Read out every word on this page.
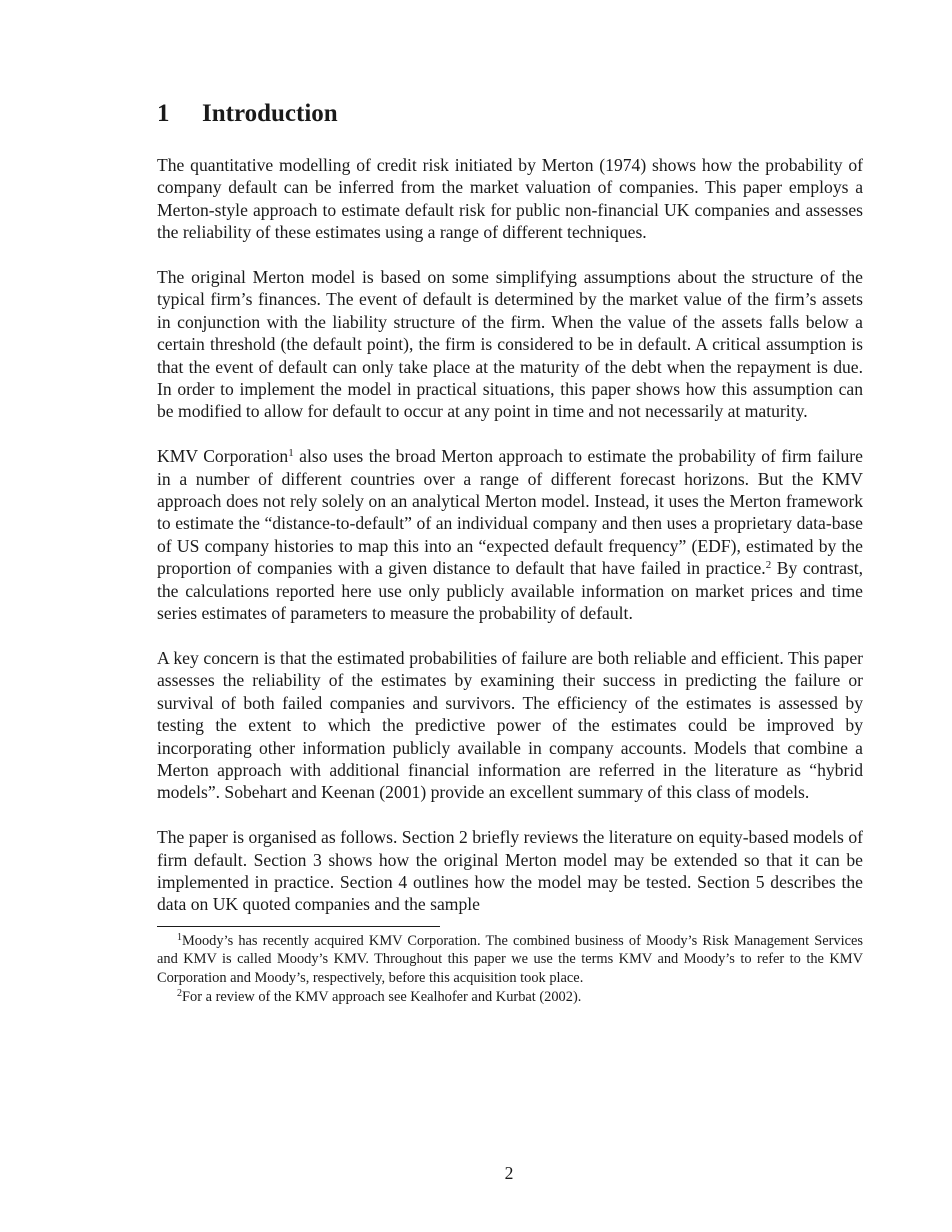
1 Introduction

The quantitative modelling of credit risk initiated by Merton (1974) shows how the probability of company default can be inferred from the market valuation of companies. This paper employs a Merton-style approach to estimate default risk for public non-financial UK companies and assesses the reliability of these estimates using a range of different techniques.

The original Merton model is based on some simplifying assumptions about the structure of the typical firm’s finances. The event of default is determined by the market value of the firm’s assets in conjunction with the liability structure of the firm. When the value of the assets falls below a certain threshold (the default point), the firm is considered to be in default. A critical assumption is that the event of default can only take place at the maturity of the debt when the repayment is due. In order to implement the model in practical situations, this paper shows how this assumption can be modified to allow for default to occur at any point in time and not necessarily at maturity.

KMV Corporation$^1$ also uses the broad Merton approach to estimate the probability of firm failure in a number of different countries over a range of different forecast horizons. But the KMV approach does not rely solely on an analytical Merton model. Instead, it uses the Merton framework to estimate the “distance-to-default” of an individual company and then uses a proprietary data-base of US company histories to map this into an “expected default frequency” (EDF), estimated by the proportion of companies with a given distance to default that have failed in practice.$^2$ By contrast, the calculations reported here use only publicly available information on market prices and time series estimates of parameters to measure the probability of default.

A key concern is that the estimated probabilities of failure are both reliable and efficient. This paper assesses the reliability of the estimates by examining their success in predicting the failure or survival of both failed companies and survivors. The efficiency of the estimates is assessed by testing the extent to which the predictive power of the estimates could be improved by incorporating other information publicly available in company accounts. Models that combine a Merton approach with additional financial information are referred in the literature as “hybrid models”. Sobehart and Keenan (2001) provide an excellent summary of this class of models.

The paper is organised as follows. Section 2 briefly reviews the literature on equity-based models of firm default. Section 3 shows how the original Merton model may be extended so that it can be implemented in practice. Section 4 outlines how the model may be tested. Section 5 describes the data on UK quoted companies and the sample

$^1$Moody’s has recently acquired KMV Corporation. The combined business of Moody’s Risk Management Services and KMV is called Moody’s KMV. Throughout this paper we use the terms KMV and Moody’s to refer to the KMV Corporation and Moody’s, respectively, before this acquisition took place.

$^2$For a review of the KMV approach see Kealhofer and Kurbat (2002).

2
